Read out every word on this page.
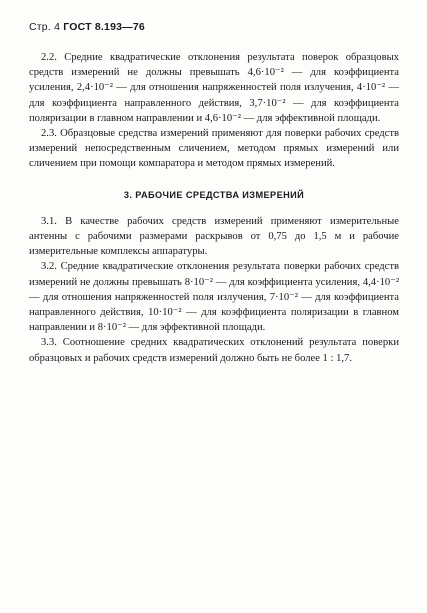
Стр. 4 ГОСТ 8.193—76

2.2. Средние квадратические отклонения результата поверок образцовых средств измерений не должны превышать 4,6·10⁻² — для коэффициента усиления, 2,4·10⁻² — для отношения напряженностей поля излучения, 4·10⁻² — для коэффициента направленного действия, 3,7·10⁻² — для коэффициента поляризации в главном направлении и 4,6·10⁻² — для эффективной площади.

2.3. Образцовые средства измерений применяют для поверки рабочих средств измерений непосредственным сличением, методом прямых измерений или сличением при помощи компаратора и методом прямых измерений.

3. РАБОЧИЕ СРЕДСТВА ИЗМЕРЕНИЙ

3.1. В качестве рабочих средств измерений применяют измерительные антенны с рабочими размерами раскрывов от 0,75 до 1,5 м и рабочие измерительные комплексы аппаратуры.

3.2. Средние квадратические отклонения результата поверки рабочих средств измерений не должны превышать 8·10⁻² — для коэффициента усиления, 4,4·10⁻² — для отношения напряженностей поля излучения, 7·10⁻² — для коэффициента направленного действия, 10·10⁻² — для коэффициента поляризации в главном направлении и 8·10⁻² — для эффективной площади.

3.3. Соотношение средних квадратических отклонений результата поверки образцовых и рабочих средств измерений должно быть не более 1 : 1,7.
